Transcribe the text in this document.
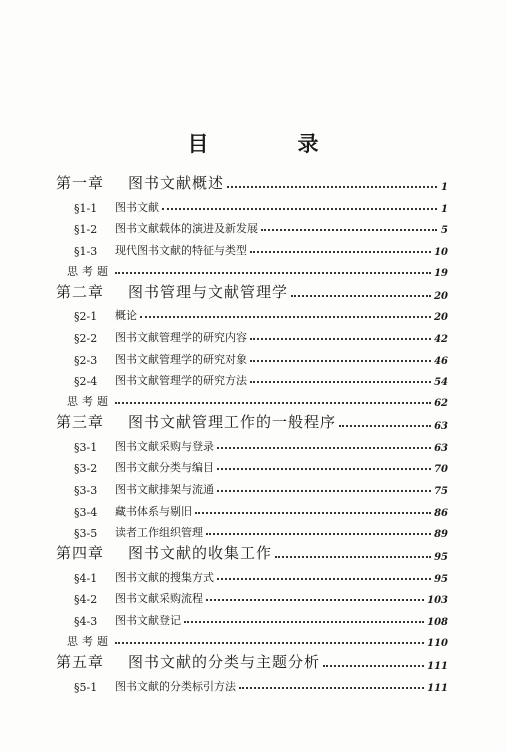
目　录
第一章	图书文献概述	1
§1-1	图书文献	1
§1-2	图书文献载体的演进及新发展	5
§1-3	现代图书文献的特征与类型	10
思考题	19
第二章	图书管理与文献管理学	20
§2-1	概论	20
§2-2	图书文献管理学的研究内容	42
§2-3	图书文献管理学的研究对象	46
§2-4	图书文献管理学的研究方法	54
思考题	62
第三章	图书文献管理工作的一般程序	63
§3-1	图书文献采购与登录	63
§3-2	图书文献分类与编目	70
§3-3	图书文献排架与流通	75
§3-4	藏书体系与剔旧	86
§3-5	读者工作组织管理	89
第四章	图书文献的收集工作	95
§4-1	图书文献的搜集方式	95
§4-2	图书文献采购流程	103
§4-3	图书文献登记	108
思考题	110
第五章	图书文献的分类与主题分析	111
§5-1	图书文献的分类标引方法	111
